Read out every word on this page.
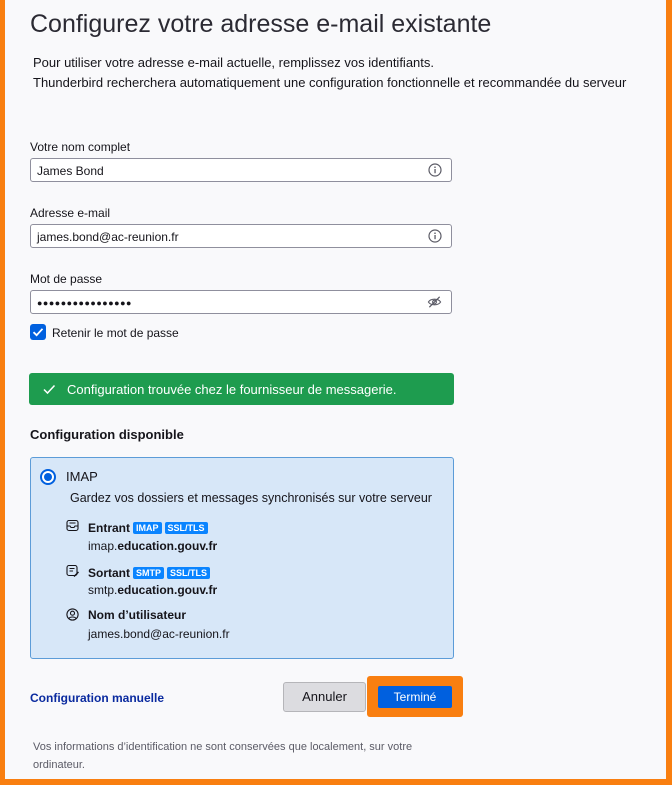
Configurez votre adresse e-mail existante
Pour utiliser votre adresse e-mail actuelle, remplissez vos identifiants.
Thunderbird recherchera automatiquement une configuration fonctionnelle et recommandée du serveur
Votre nom complet
James Bond
Adresse e-mail
james.bond@ac-reunion.fr
Mot de passe
●●●●●●●●●●●●●●●●
Retenir le mot de passe
Configuration trouvée chez le fournisseur de messagerie.
Configuration disponible
IMAP
Gardez vos dossiers et messages synchronisés sur votre serveur
Entrant IMAP SSL/TLS
imap.education.gouv.fr
Sortant SMTP SSL/TLS
smtp.education.gouv.fr
Nom d’utilisateur
james.bond@ac-reunion.fr
Configuration manuelle	Annuler	Terminé
Vos informations d’identification ne sont conservées que localement, sur votre ordinateur.
